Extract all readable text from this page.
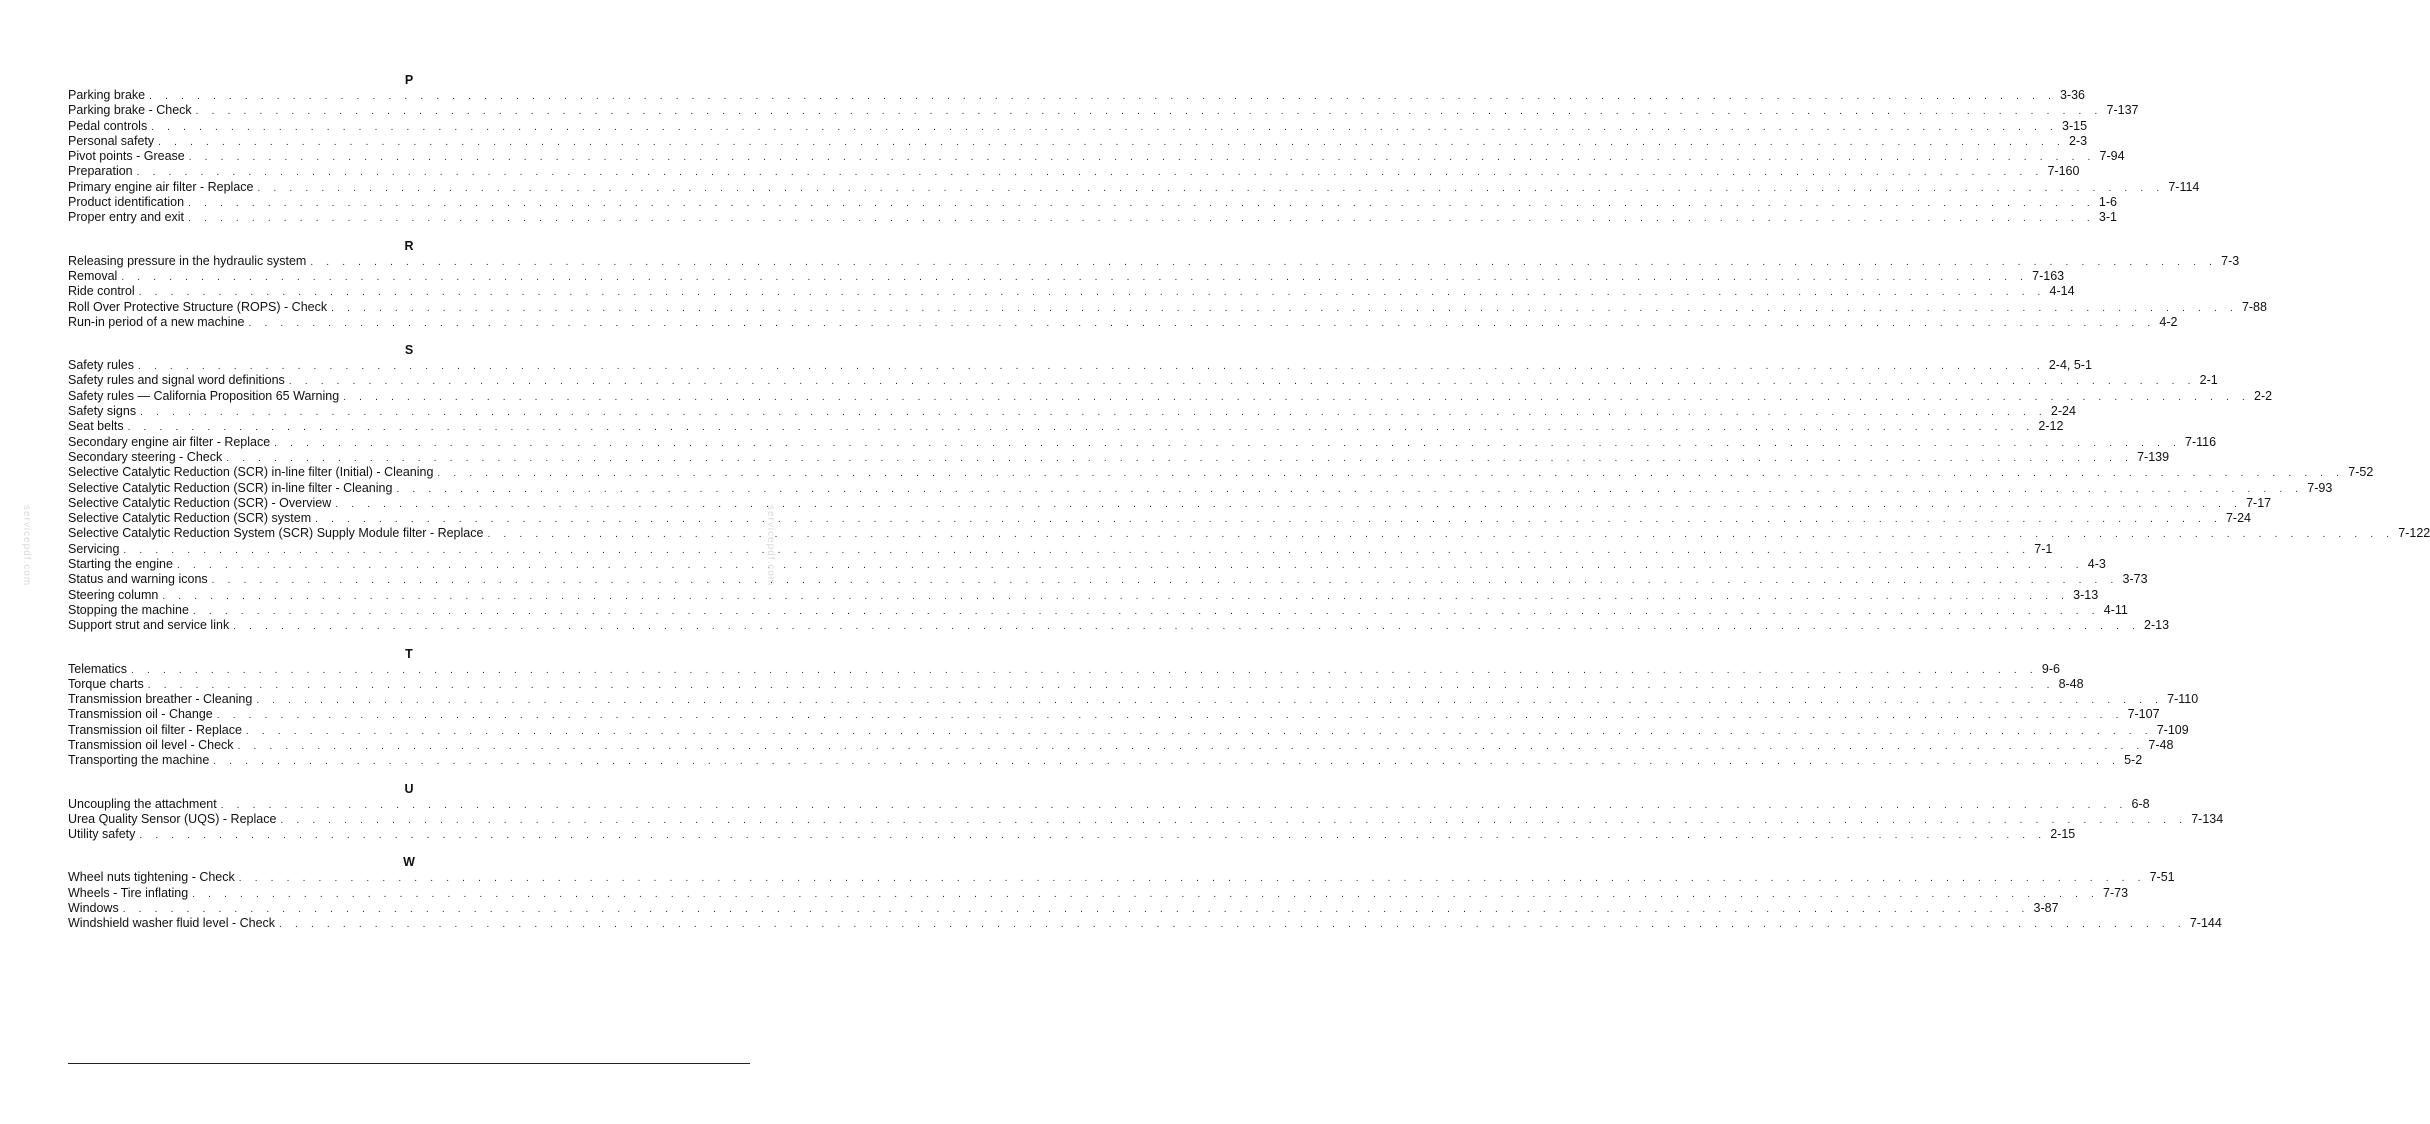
P
Parking brake . . . . . . . . . . . . . . . . . . . . . . . . . . . . . . . . . . . . . . . . . . . . . . . . . . . . . . . . . . . . . . . . . . . . . . . . . . . . . . . . . . . . . . . . . . . . . . . . . . . . . . . . . . . . . . . . . . . . . . . . 3-36
Parking brake - Check . . . . . . . . . . . . . . . . . . . . . . . . . . . . . . . . . . . . . . . . . . . . . . . . . . . . . . . . . . . . . . . . . . . . . . . . . . . . . . . . . . . . . . . . . . . . . . . . . . . . . . . . . . . . . . . . . . . . . . . . 7-137
Pedal controls . . . . . . . . . . . . . . . . . . . . . . . . . . . . . . . . . . . . . . . . . . . . . . . . . . . . . . . . . . . . . . . . . . . . . . . . . . . . . . . . . . . . . . . . . . . . . . . . . . . . . . . . . . . . . . . . . . . . . . . . 3-15
Personal safety . . . . . . . . . . . . . . . . . . . . . . . . . . . . . . . . . . . . . . . . . . . . . . . . . . . . . . . . . . . . . . . . . . . . . . . . . . . . . . . . . . . . . . . . . . . . . . . . . . . . . . . . . . . . . . . . . . . . . . . . 2-3
Pivot points - Grease . . . . . . . . . . . . . . . . . . . . . . . . . . . . . . . . . . . . . . . . . . . . . . . . . . . . . . . . . . . . . . . . . . . . . . . . . . . . . . . . . . . . . . . . . . . . . . . . . . . . . . . . . . . . . . . . . . . . . . . . 7-94
Preparation . . . . . . . . . . . . . . . . . . . . . . . . . . . . . . . . . . . . . . . . . . . . . . . . . . . . . . . . . . . . . . . . . . . . . . . . . . . . . . . . . . . . . . . . . . . . . . . . . . . . . . . . . . . . . . . . . . . . . . . . 7-160
Primary engine air filter - Replace . . . . . . . . . . . . . . . . . . . . . . . . . . . . . . . . . . . . . . . . . . . . . . . . . . . . . . . . . . . . . . . . . . . . . . . . . . . . . . . . . . . . . . . . . . . . . . . . . . . . . . . . . . . . . . . . . . . . . . . . 7-114
Product identification . . . . . . . . . . . . . . . . . . . . . . . . . . . . . . . . . . . . . . . . . . . . . . . . . . . . . . . . . . . . . . . . . . . . . . . . . . . . . . . . . . . . . . . . . . . . . . . . . . . . . . . . . . . . . . . . . . . . . . . . 1-6
Proper entry and exit . . . . . . . . . . . . . . . . . . . . . . . . . . . . . . . . . . . . . . . . . . . . . . . . . . . . . . . . . . . . . . . . . . . . . . . . . . . . . . . . . . . . . . . . . . . . . . . . . . . . . . . . . . . . . . . . . . . . . . . . 3-1
R
Releasing pressure in the hydraulic system . . . . . . . . . . . . . . . . . . . . . . . . . . . . . . . . . . . . . . . . . . . . . . . . . . . . . . . . . . . . . . . . . . . . . . . . . . . . . . . . . . . . . . . . . . . . . . . . . . . . . . . . . . . . . . . . . . . . . . . . 7-3
Removal . . . . . . . . . . . . . . . . . . . . . . . . . . . . . . . . . . . . . . . . . . . . . . . . . . . . . . . . . . . . . . . . . . . . . . . . . . . . . . . . . . . . . . . . . . . . . . . . . . . . . . . . . . . . . . . . . . . . . . . . 7-163
Ride control . . . . . . . . . . . . . . . . . . . . . . . . . . . . . . . . . . . . . . . . . . . . . . . . . . . . . . . . . . . . . . . . . . . . . . . . . . . . . . . . . . . . . . . . . . . . . . . . . . . . . . . . . . . . . . . . . . . . . . . . 4-14
Roll Over Protective Structure (ROPS) - Check . . . . . . . . . . . . . . . . . . . . . . . . . . . . . . . . . . . . . . . . . . . . . . . . . . . . . . . . . . . . . . . . . . . . . . . . . . . . . . . . . . . . . . . . . . . . . . . . . . . . . . . . . . . . . . . . . . . . . . . . 7-88
Run-in period of a new machine . . . . . . . . . . . . . . . . . . . . . . . . . . . . . . . . . . . . . . . . . . . . . . . . . . . . . . . . . . . . . . . . . . . . . . . . . . . . . . . . . . . . . . . . . . . . . . . . . . . . . . . . . . . . . . . . . . . . . . . . 4-2
S
Safety rules . . . . . . . . . . . . . . . . . . . . . . . . . . . . . . . . . . . . . . . . . . . . . . . . . . . . . . . . . . . . . . . . . . . . . . . . . . . . . . . . . . . . . . . . . . . . . . . . . . . . . . . . . . . . . . . . . . . . . . . . 2-4, 5-1
Safety rules and signal word definitions . . . . . . . . . . . . . . . . . . . . . . . . . . . . . . . . . . . . . . . . . . . . . . . . . . . . . . . . . . . . . . . . . . . . . . . . . . . . . . . . . . . . . . . . . . . . . . . . . . . . . . . . . . . . . . . . . . . . . . . . 2-1
Safety rules — California Proposition 65 Warning . . . . . . . . . . . . . . . . . . . . . . . . . . . . . . . . . . . . . . . . . . . . . . . . . . . . . . . . . . . . . . . . . . . . . . . . . . . . . . . . . . . . . . . . . . . . . . . . . . . . . . . . . . . . . . . . . . . . . . . . 2-2
Safety signs . . . . . . . . . . . . . . . . . . . . . . . . . . . . . . . . . . . . . . . . . . . . . . . . . . . . . . . . . . . . . . . . . . . . . . . . . . . . . . . . . . . . . . . . . . . . . . . . . . . . . . . . . . . . . . . . . . . . . . . . 2-24
Seat belts . . . . . . . . . . . . . . . . . . . . . . . . . . . . . . . . . . . . . . . . . . . . . . . . . . . . . . . . . . . . . . . . . . . . . . . . . . . . . . . . . . . . . . . . . . . . . . . . . . . . . . . . . . . . . . . . . . . . . . . . 2-12
Secondary engine air filter - Replace . . . . . . . . . . . . . . . . . . . . . . . . . . . . . . . . . . . . . . . . . . . . . . . . . . . . . . . . . . . . . . . . . . . . . . . . . . . . . . . . . . . . . . . . . . . . . . . . . . . . . . . . . . . . . . . . . . . . . . . . 7-116
Secondary steering - Check . . . . . . . . . . . . . . . . . . . . . . . . . . . . . . . . . . . . . . . . . . . . . . . . . . . . . . . . . . . . . . . . . . . . . . . . . . . . . . . . . . . . . . . . . . . . . . . . . . . . . . . . . . . . . . . . . . . . . . . . 7-139
Selective Catalytic Reduction (SCR) in-line filter (Initial) - Cleaning . . . . . . . . . . . . . . . . . . . . . . . . . . . . . . . . . . . . . . . . . . . . . . . . . . . . . . . . . . . . . . . . . . . . . . . . . . . . . . . . . . . . . . . . . . . . . . . . . . . . . . . . . . . . . . . . . . . . . . . . 7-52
Selective Catalytic Reduction (SCR) in-line filter - Cleaning . . . . . . . . . . . . . . . . . . . . . . . . . . . . . . . . . . . . . . . . . . . . . . . . . . . . . . . . . . . . . . . . . . . . . . . . . . . . . . . . . . . . . . . . . . . . . . . . . . . . . . . . . . . . . . . . . . . . . . . . 7-93
Selective Catalytic Reduction (SCR) - Overview . . . . . . . . . . . . . . . . . . . . . . . . . . . . . . . . . . . . . . . . . . . . . . . . . . . . . . . . . . . . . . . . . . . . . . . . . . . . . . . . . . . . . . . . . . . . . . . . . . . . . . . . . . . . . . . . . . . . . . . . 7-17
Selective Catalytic Reduction (SCR) system . . . . . . . . . . . . . . . . . . . . . . . . . . . . . . . . . . . . . . . . . . . . . . . . . . . . . . . . . . . . . . . . . . . . . . . . . . . . . . . . . . . . . . . . . . . . . . . . . . . . . . . . . . . . . . . . . . . . . . . . 7-24
Selective Catalytic Reduction System (SCR) Supply Module filter - Replace . . . . . . . . . . . . . . . . . . . . . . . . . . . . . . . . . . . . . . . . . . . . . . . . . . . . . . . . . . . . . . . . . . . . . . . . . . . . . . . . . . . . . . . . . . . . . . . . . . . . . . . . . . . . . . . . . . . . . . . . 7-122
Servicing . . . . . . . . . . . . . . . . . . . . . . . . . . . . . . . . . . . . . . . . . . . . . . . . . . . . . . . . . . . . . . . . . . . . . . . . . . . . . . . . . . . . . . . . . . . . . . . . . . . . . . . . . . . . . . . . . . . . . . . . 7-1
Starting the engine . . . . . . . . . . . . . . . . . . . . . . . . . . . . . . . . . . . . . . . . . . . . . . . . . . . . . . . . . . . . . . . . . . . . . . . . . . . . . . . . . . . . . . . . . . . . . . . . . . . . . . . . . . . . . . . . . . . . . . . . 4-3
Status and warning icons . . . . . . . . . . . . . . . . . . . . . . . . . . . . . . . . . . . . . . . . . . . . . . . . . . . . . . . . . . . . . . . . . . . . . . . . . . . . . . . . . . . . . . . . . . . . . . . . . . . . . . . . . . . . . . . . . . . . . . . . 3-73
Steering column . . . . . . . . . . . . . . . . . . . . . . . . . . . . . . . . . . . . . . . . . . . . . . . . . . . . . . . . . . . . . . . . . . . . . . . . . . . . . . . . . . . . . . . . . . . . . . . . . . . . . . . . . . . . . . . . . . . . . . . . 3-13
Stopping the machine . . . . . . . . . . . . . . . . . . . . . . . . . . . . . . . . . . . . . . . . . . . . . . . . . . . . . . . . . . . . . . . . . . . . . . . . . . . . . . . . . . . . . . . . . . . . . . . . . . . . . . . . . . . . . . . . . . . . . . . . 4-11
Support strut and service link . . . . . . . . . . . . . . . . . . . . . . . . . . . . . . . . . . . . . . . . . . . . . . . . . . . . . . . . . . . . . . . . . . . . . . . . . . . . . . . . . . . . . . . . . . . . . . . . . . . . . . . . . . . . . . . . . . . . . . . . 2-13
T
Telematics . . . . . . . . . . . . . . . . . . . . . . . . . . . . . . . . . . . . . . . . . . . . . . . . . . . . . . . . . . . . . . . . . . . . . . . . . . . . . . . . . . . . . . . . . . . . . . . . . . . . . . . . . . . . . . . . . . . . . . . . 9-6
Torque charts . . . . . . . . . . . . . . . . . . . . . . . . . . . . . . . . . . . . . . . . . . . . . . . . . . . . . . . . . . . . . . . . . . . . . . . . . . . . . . . . . . . . . . . . . . . . . . . . . . . . . . . . . . . . . . . . . . . . . . . . 8-48
Transmission breather - Cleaning . . . . . . . . . . . . . . . . . . . . . . . . . . . . . . . . . . . . . . . . . . . . . . . . . . . . . . . . . . . . . . . . . . . . . . . . . . . . . . . . . . . . . . . . . . . . . . . . . . . . . . . . . . . . . . . . . . . . . . . . 7-110
Transmission oil - Change . . . . . . . . . . . . . . . . . . . . . . . . . . . . . . . . . . . . . . . . . . . . . . . . . . . . . . . . . . . . . . . . . . . . . . . . . . . . . . . . . . . . . . . . . . . . . . . . . . . . . . . . . . . . . . . . . . . . . . . . 7-107
Transmission oil filter - Replace . . . . . . . . . . . . . . . . . . . . . . . . . . . . . . . . . . . . . . . . . . . . . . . . . . . . . . . . . . . . . . . . . . . . . . . . . . . . . . . . . . . . . . . . . . . . . . . . . . . . . . . . . . . . . . . . . . . . . . . . 7-109
Transmission oil level - Check . . . . . . . . . . . . . . . . . . . . . . . . . . . . . . . . . . . . . . . . . . . . . . . . . . . . . . . . . . . . . . . . . . . . . . . . . . . . . . . . . . . . . . . . . . . . . . . . . . . . . . . . . . . . . . . . . . . . . . . . 7-48
Transporting the machine . . . . . . . . . . . . . . . . . . . . . . . . . . . . . . . . . . . . . . . . . . . . . . . . . . . . . . . . . . . . . . . . . . . . . . . . . . . . . . . . . . . . . . . . . . . . . . . . . . . . . . . . . . . . . . . . . . . . . . . . 5-2
U
Uncoupling the attachment . . . . . . . . . . . . . . . . . . . . . . . . . . . . . . . . . . . . . . . . . . . . . . . . . . . . . . . . . . . . . . . . . . . . . . . . . . . . . . . . . . . . . . . . . . . . . . . . . . . . . . . . . . . . . . . . . . . . . . . . 6-8
Urea Quality Sensor (UQS) - Replace . . . . . . . . . . . . . . . . . . . . . . . . . . . . . . . . . . . . . . . . . . . . . . . . . . . . . . . . . . . . . . . . . . . . . . . . . . . . . . . . . . . . . . . . . . . . . . . . . . . . . . . . . . . . . . . . . . . . . . . . 7-134
Utility safety . . . . . . . . . . . . . . . . . . . . . . . . . . . . . . . . . . . . . . . . . . . . . . . . . . . . . . . . . . . . . . . . . . . . . . . . . . . . . . . . . . . . . . . . . . . . . . . . . . . . . . . . . . . . . . . . . . . . . . . . 2-15
W
Wheel nuts tightening - Check . . . . . . . . . . . . . . . . . . . . . . . . . . . . . . . . . . . . . . . . . . . . . . . . . . . . . . . . . . . . . . . . . . . . . . . . . . . . . . . . . . . . . . . . . . . . . . . . . . . . . . . . . . . . . . . . . . . . . . . . 7-51
Wheels - Tire inflating . . . . . . . . . . . . . . . . . . . . . . . . . . . . . . . . . . . . . . . . . . . . . . . . . . . . . . . . . . . . . . . . . . . . . . . . . . . . . . . . . . . . . . . . . . . . . . . . . . . . . . . . . . . . . . . . . . . . . . . . 7-73
Windows . . . . . . . . . . . . . . . . . . . . . . . . . . . . . . . . . . . . . . . . . . . . . . . . . . . . . . . . . . . . . . . . . . . . . . . . . . . . . . . . . . . . . . . . . . . . . . . . . . . . . . . . . . . . . . . . . . . . . . . . 3-87
Windshield washer fluid level - Check . . . . . . . . . . . . . . . . . . . . . . . . . . . . . . . . . . . . . . . . . . . . . . . . . . . . . . . . . . . . . . . . . . . . . . . . . . . . . . . . . . . . . . . . . . . . . . . . . . . . . . . . . . . . . . . . . . . . . . . . 7-144
servicepdf.com	servicepdf.com
